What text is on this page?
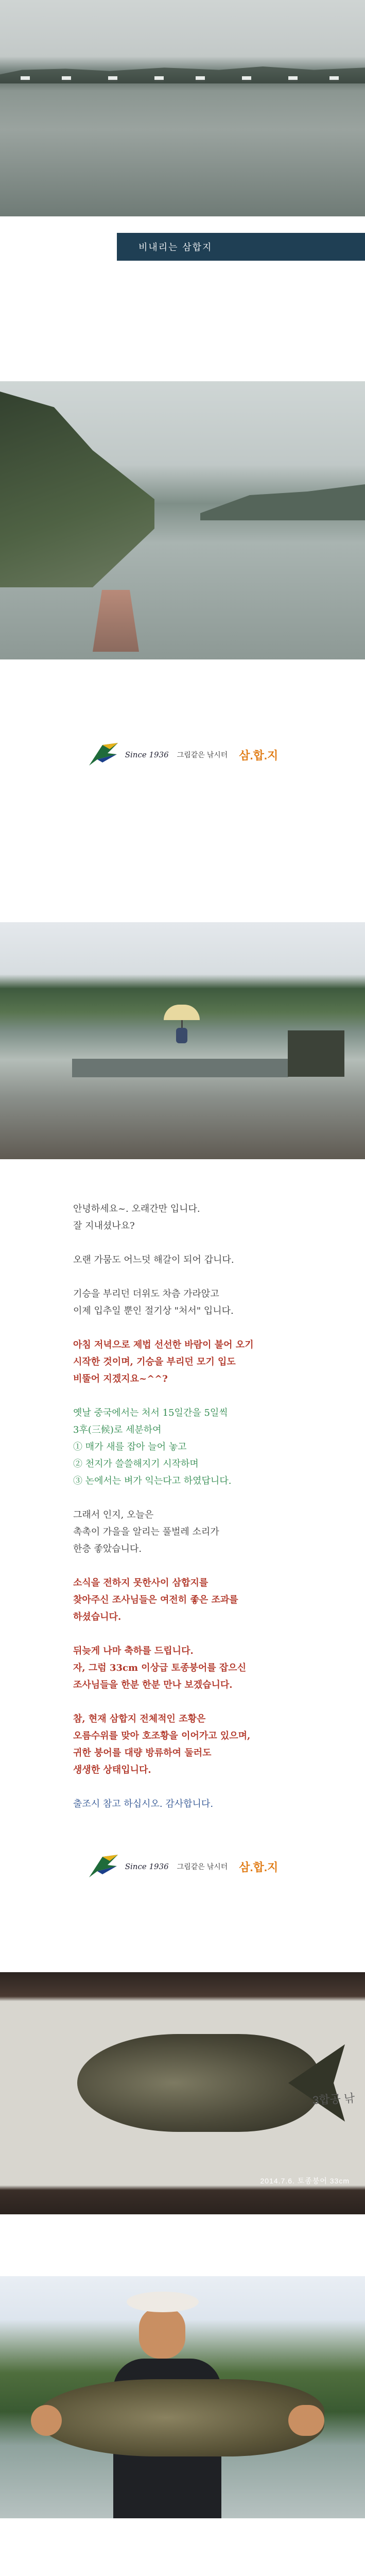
비내리는 삼합지
Since 1936 그림같은 낚시터 삼.합.지

안녕하세요~. 오래간만 입니다.
잘 지내셨나요?

오랜 가뭄도 어느덧 해갈이 되어 갑니다.

기승을 부리던 더위도 차츰 가라앉고
이제 입추일 뿐인 절기상 "처서" 입니다.

아침 저녁으로 제법 선선한 바람이 불어 오기
시작한 것이며, 기승을 부리던 모기 입도
비뚤어 지겠지요~^^?

옛날 중국에서는 처서 15일간을 5일씩
3후(三候)로 세분하여
① 매가 새를 잡아 늘어 놓고
② 천지가 쓸쓸해지기 시작하며
③ 논에서는 벼가 익는다고 하였답니다.

그래서 인지, 오늘은
촉촉이 가을을 알리는 풀벌레 소리가
한층 좋았습니다.

소식을 전하지 못한사이 삼합지를
찾아주신 조사님들은 여전히 좋은 조과를
하셨습니다.

뒤늦게 나마 축하를 드립니다.
자, 그럼 33cm 이상급 토종붕어를 잡으신
조사님들을 한분 한분 만나 보겠습니다.

참, 현재 삼합지 전체적인 조황은
오름수위를 맞아 호조황을 이어가고 있으며,
귀한 붕어를 대량 방류하여 둘러도
생생한 상태입니다.

출조시 참고 하십시오. 감사합니다.

Since 1936 그림같은 낚시터 삼.합.지
3합공 낚
2014.7.6. 토종붕어 33cm
